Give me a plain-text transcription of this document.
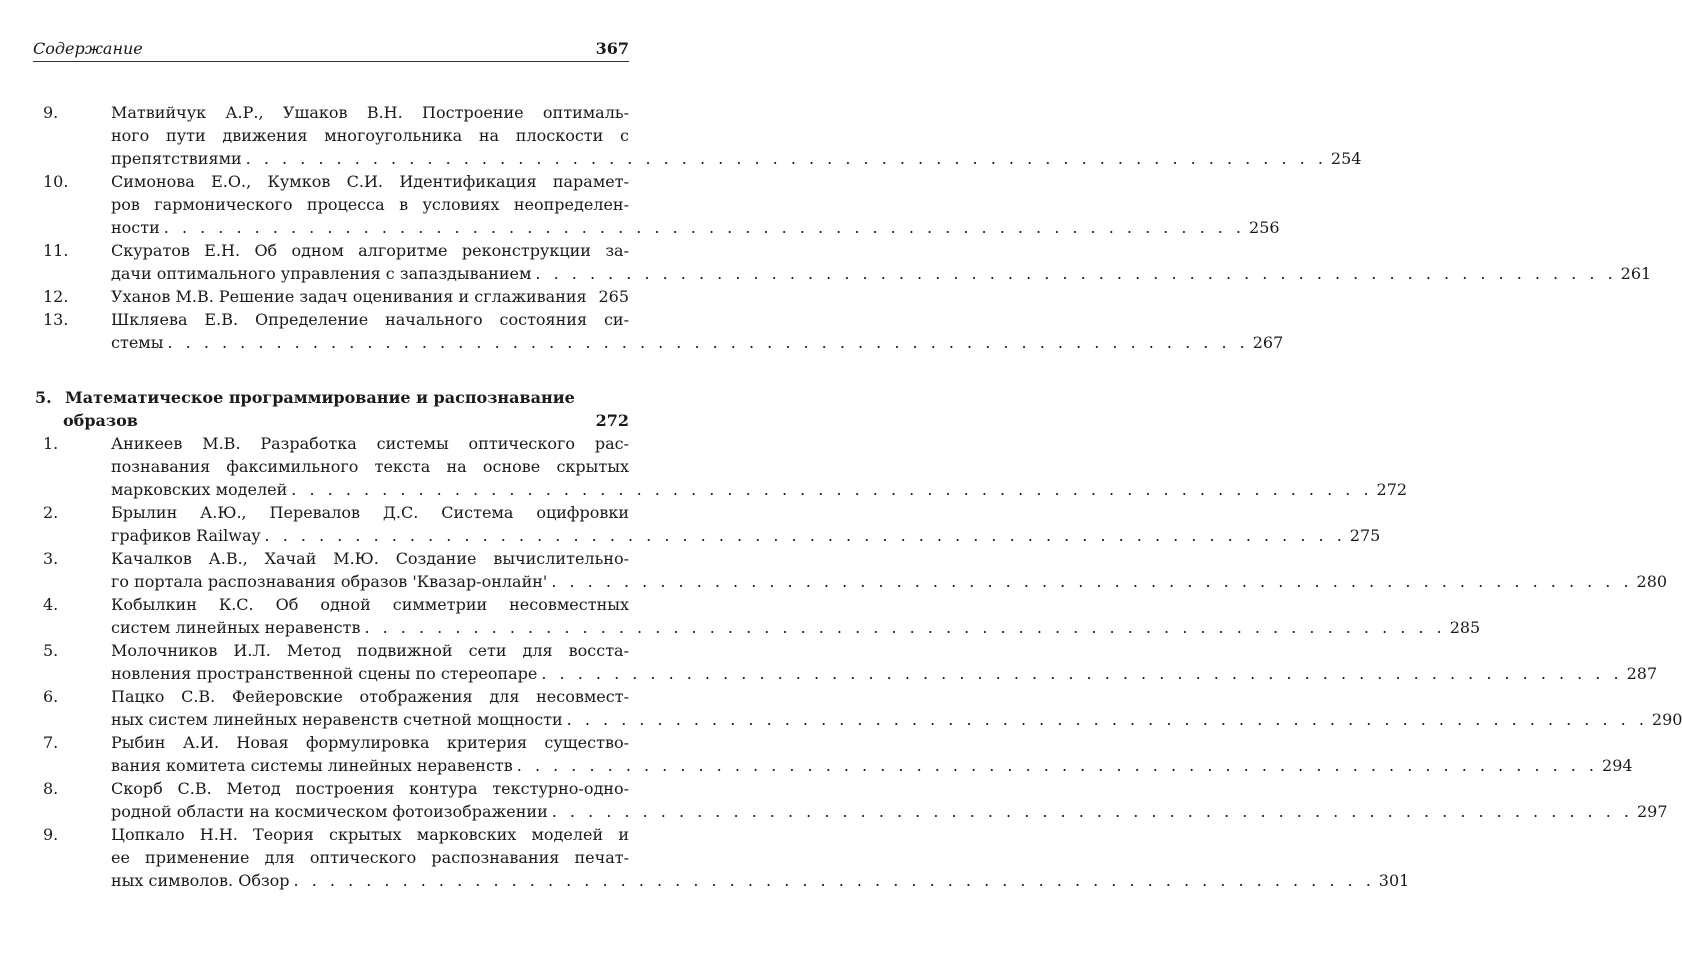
Содержание	367
9.	Матвийчук А.Р., Ушаков В.Н. Построение оптималь-
ного пути движения многоугольника на плоскости с
препятствиями . . . . . . . . . . . . . . . . . . . . . . . . . . . . . . . . . . . . . . . . . . . . . . . . . . . . . . . . . . . . 254
10.	Симонова Е.О., Кумков С.И. Идентификация парамет-
ров гармонического процесса в условиях неопределен-
ности . . . . . . . . . . . . . . . . . . . . . . . . . . . . . . . . . . . . . . . . . . . . . . . . . . . . . . . . . . . . 256
11.	Скуратов Е.Н. Об одном алгоритме реконструкции за-
дачи оптимального управления с запаздыванием . . . . . . . . . . . . . . . . . . . . . . . . . . . . . . . . . . . . . . . . . . . . . . . . . . . . . . . . . . . . 261
12.	Уханов М.В. Решение задач оценивания и сглаживания 265
13.	Шкляева Е.В. Определение начального состояния си-
стемы . . . . . . . . . . . . . . . . . . . . . . . . . . . . . . . . . . . . . . . . . . . . . . . . . . . . . . . . . . . . 267
5. Математическое программирование и распознавание
образов	272
1.	Аникеев М.В. Разработка системы оптического рас-
познавания факсимильного текста на основе скрытых
марковских моделей . . . . . . . . . . . . . . . . . . . . . . . . . . . . . . . . . . . . . . . . . . . . . . . . . . . . . . . . . . . . 272
2.	Брылин А.Ю., Перевалов Д.С. Система оцифровки
графиков Railway . . . . . . . . . . . . . . . . . . . . . . . . . . . . . . . . . . . . . . . . . . . . . . . . . . . . . . . . . . . . 275
3.	Качалков А.В., Хачай М.Ю. Создание вычислительно-
го портала распознавания образов 'Квазар-онлайн' . . . . . . . . . . . . . . . . . . . . . . . . . . . . . . . . . . . . . . . . . . . . . . . . . . . . . . . . . . . . 280
4.	Кобылкин К.С. Об одной симметрии несовместных
систем линейных неравенств . . . . . . . . . . . . . . . . . . . . . . . . . . . . . . . . . . . . . . . . . . . . . . . . . . . . . . . . . . . . 285
5.	Молочников И.Л. Метод подвижной сети для восста-
новления пространственной сцены по стереопаре . . . . . . . . . . . . . . . . . . . . . . . . . . . . . . . . . . . . . . . . . . . . . . . . . . . . . . . . . . . . 287
6.	Пацко С.В. Фейеровские отображения для несовмест-
ных систем линейных неравенств счетной мощности . . . . . . . . . . . . . . . . . . . . . . . . . . . . . . . . . . . . . . . . . . . . . . . . . . . . . . . . . . . . 290
7.	Рыбин А.И. Новая формулировка критерия существо-
вания комитета системы линейных неравенств . . . . . . . . . . . . . . . . . . . . . . . . . . . . . . . . . . . . . . . . . . . . . . . . . . . . . . . . . . . . 294
8.	Скорб С.В. Метод построения контура текстурно-одно-
родной области на космическом фотоизображении . . . . . . . . . . . . . . . . . . . . . . . . . . . . . . . . . . . . . . . . . . . . . . . . . . . . . . . . . . . . 297
9.	Цопкало Н.Н. Теория скрытых марковских моделей и
ее применение для оптического распознавания печат-
ных символов. Обзор . . . . . . . . . . . . . . . . . . . . . . . . . . . . . . . . . . . . . . . . . . . . . . . . . . . . . . . . . . . . 301
